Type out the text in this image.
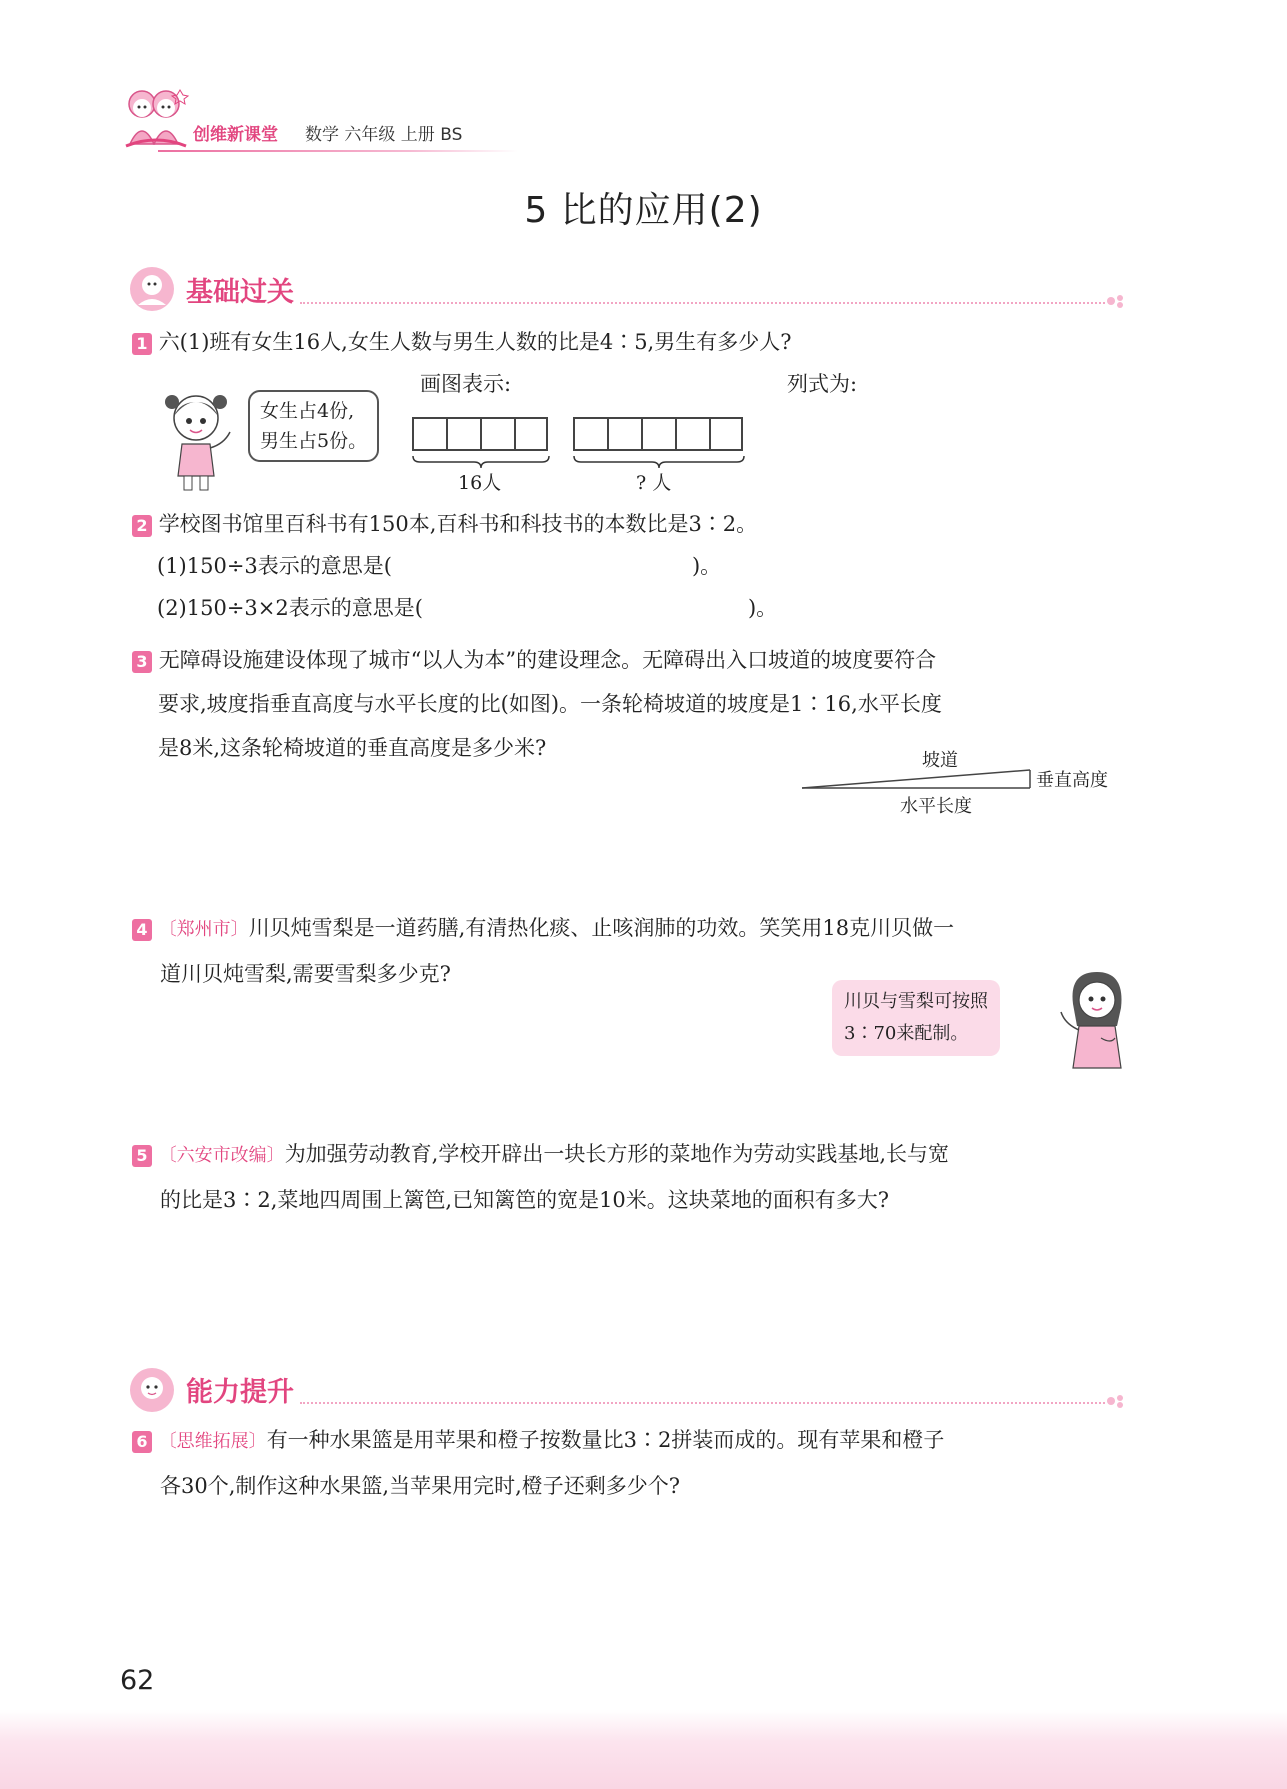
创维新课堂 数学 六年级 上册 BS
5 比的应用(2)
基础过关
1 六(1)班有女生16人,女生人数与男生人数的比是4∶5,男生有多少人?
画图表示:	列式为:
女生占4份,
男生占5份。
16人	? 人
2 学校图书馆里百科书有150本,百科书和科技书的本数比是3∶2。
(1)150÷3表示的意思是(	)。
(2)150÷3×2表示的意思是(	)。
3 无障碍设施建设体现了城市“以人为本”的建设理念。无障碍出入口坡道的坡度要符合
要求,坡度指垂直高度与水平长度的比(如图)。一条轮椅坡道的坡度是1∶16,水平长度
是8米,这条轮椅坡道的垂直高度是多少米?
坡道
垂直高度
水平长度
4 〔郑州市〕川贝炖雪梨是一道药膳,有清热化痰、止咳润肺的功效。笑笑用18克川贝做一
道川贝炖雪梨,需要雪梨多少克?
川贝与雪梨可按照
3∶70来配制。
5 〔六安市改编〕为加强劳动教育,学校开辟出一块长方形的菜地作为劳动实践基地,长与宽
的比是3∶2,菜地四周围上篱笆,已知篱笆的宽是10米。这块菜地的面积有多大?
能力提升
6 〔思维拓展〕有一种水果篮是用苹果和橙子按数量比3∶2拼装而成的。现有苹果和橙子
各30个,制作这种水果篮,当苹果用完时,橙子还剩多少个?
62
